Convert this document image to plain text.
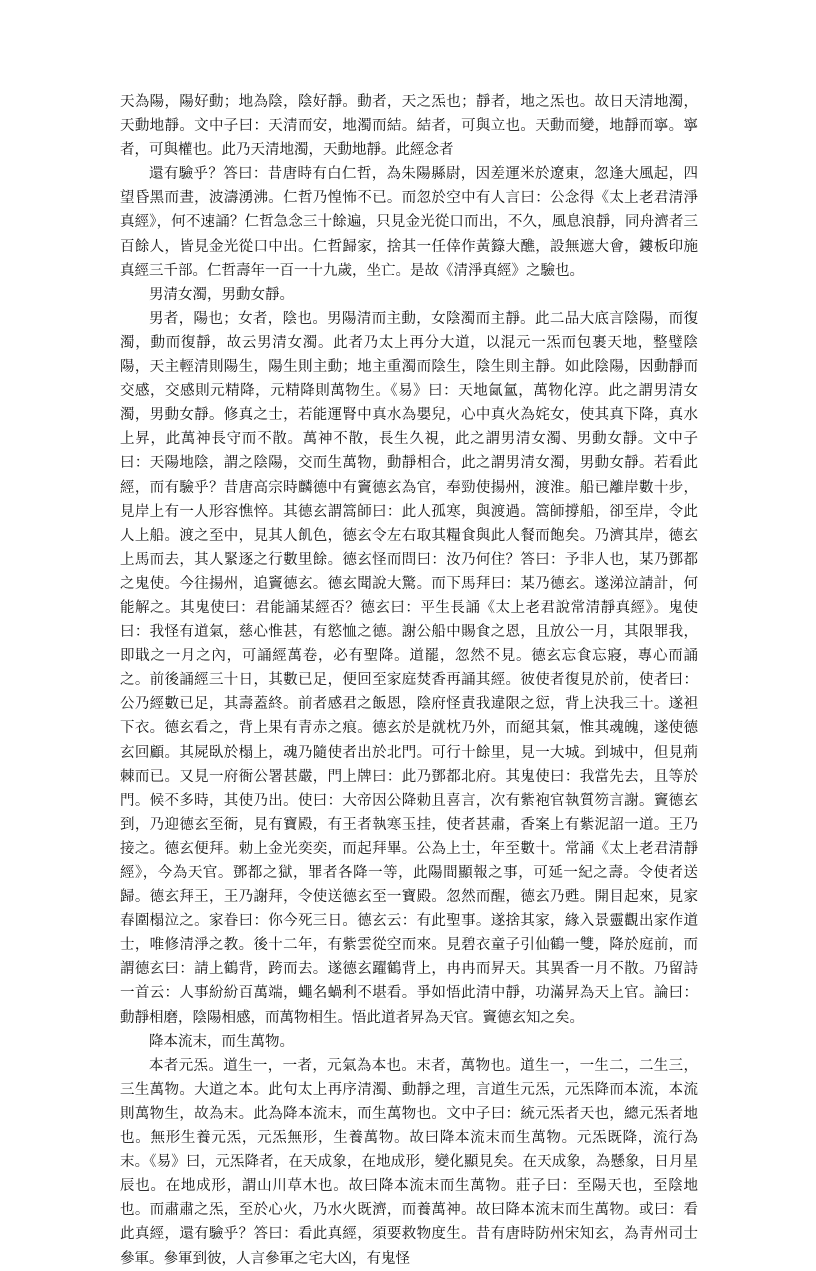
天為陽，陽好動；地為陰，陰好靜。動者，天之炁也；靜者，地之炁也。故日天清地濁，天動地靜。文中子曰：天清而安，地濁而結。結者，可與立也。天動而變，地靜而寧。寧者，可與權也。此乃天清地濁，天動地靜。此經念者

還有驗乎？答曰：昔唐時有白仁哲，為朱陽縣尉，因差運米於遼東，忽逢大風起，四望昏黑而晝，波濤湧沸。仁哲乃惶怖不已。而忽於空中有人言曰：公念得《太上老君清淨真經》，何不速誦？仁哲急念三十餘遍，只見金光從口而出，不久，風息浪靜，同舟濟者三百餘人，皆見金光從口中出。仁哲歸家，捨其一任倖作黃籙大醮，設無遮大會，鏤板印施真經三千部。仁哲壽年一百一十九歲，坐亡。是故《清淨真經》之驗也。

男清女濁，男動女靜。

男者，陽也；女者，陰也。男陽清而主動，女陰濁而主靜。此二品大底言陰陽，而復濁，動而復靜，故云男清女濁。此者乃太上再分大道，以混元一炁而包裹天地，整璧陰陽，天主輕清則陽生，陽生則主動；地主重濁而陰生，陰生則主靜。如此陰陽，因動靜而交感，交感則元精降，元精降則萬物生。《易》曰：天地氤氳，萬物化淳。此之謂男清女濁，男動女靜。修真之士，若能運腎中真水為嬰兒，心中真火為姹女，使其真下降，真水上昇，此萬神長守而不散。萬神不散，長生久視，此之謂男清女濁、男動女靜。文中子曰：天陽地陰，謂之陰陽，交而生萬物，動靜相合，此之謂男清女濁，男動女靜。若看此經，而有驗乎？昔唐高宗時麟德中有竇德玄為官，奉勁使揚州，渡淮。船已離岸數十步，見岸上有一人形容憔悴。其德玄謂篙師曰：此人孤寒，與渡過。篙師撐船，卻至岸，令此人上船。渡之至中，見其人飢色，德玄令左右取其糧食與此人餐而飽矣。乃濟其岸，德玄上馬而去，其人緊逐之行數里餘。德玄怪而問曰：汝乃何住？答曰：予非人也，某乃鄧都之鬼使。今往揚州，追竇德玄。德玄聞說大驚。而下馬拜曰：某乃德玄。遂涕泣請計，何能解之。其鬼使曰：君能誦某經否？德玄曰：平生長誦《太上老君說常清靜真經》。鬼使曰：我怪有道氣，慈心惟甚，有慾恤之德。謝公船中賜食之恩，且放公一月，其限罪我，即戢之一月之內，可誦經萬卷，必有聖降。道罷，忽然不見。德玄忘食忘寢，專心而誦之。前後誦經三十日，其數已足，便回至家庭焚香再誦其經。彼使者復見於前，使者曰：公乃經數已足，其壽蓋終。前者感君之飯恩，陰府怪責我違限之愆，背上決我三十。遂袒下衣。德玄看之，背上果有青赤之痕。德玄於是就枕乃外，而絕其氣，惟其魂魄，遂使德玄回顧。其屍臥於榻上，魂乃隨使者出於北門。可行十餘里，見一大城。到城中，但見荊棘而已。又見一府衙公署甚嚴，門上牌曰：此乃鄧都北府。其鬼使曰：我當先去，且等於門。候不多時，其使乃出。使曰：大帝因公降勅且喜言，次有紫袍官執質笏言謝。竇德玄到，乃迎德玄至衙，見有寶殿，有王者執寒玉挂，使者甚肅，香案上有紫泥詔一道。王乃接之。德玄便拜。勅上金光奕奕，而起拜畢。公為上士，年至數十。常誦《太上老君清靜經》，今為天官。鄧都之獄，罪者各降一等，此陽間顯報之事，可延一紀之壽。令使者送歸。德玄拜王，王乃謝拜，令使送德玄至一寶殿。忽然而醒，德玄乃甦。開目起來，見家春圍榻泣之。家眷曰：你今死三日。德玄云：有此聖事。遂捨其家，緣入景靈觀出家作道士，唯修清淨之教。後十二年，有紫雲從空而來。見碧衣童子引仙鶴一雙，降於庭前，而謂德玄曰：請上鶴背，跨而去。遂德玄躍鶴背上，冉冉而昇天。其異香一月不散。乃留詩一首云：人事紛紛百萬端，蠅名蝸利不堪看。爭如悟此清中靜，功滿昇為天上官。論曰：動靜相磨，陰陽相感，而萬物相生。悟此道者昇為天官。竇德玄知之矣。

降本流末，而生萬物。

本者元炁。道生一，一者，元氣為本也。末者，萬物也。道生一，一生二，二生三，三生萬物。大道之本。此句太上再序清濁、動靜之理，言道生元炁，元炁降而本流，本流則萬物生，故為末。此為降本流末，而生萬物也。文中子曰：統元炁者天也，總元炁者地也。無形生養元炁，元炁無形，生養萬物。故曰降本流末而生萬物。元炁既降，流行為末。《易》曰，元炁降者，在天成象，在地成形，變化顯見矣。在天成象，為懸象，日月星辰也。在地成形，謂山川草木也。故曰降本流末而生萬物。莊子曰：至陽天也，至陰地也。而肅肅之炁，至於心火，乃水火既濟，而養萬神。故曰降本流末而生萬物。或曰：看此真經，還有驗乎？答曰：看此真經，須要救物度生。昔有唐時防州宋知玄，為青州司士參軍。參軍到彼，人言參軍之宅大凶，有鬼怪
